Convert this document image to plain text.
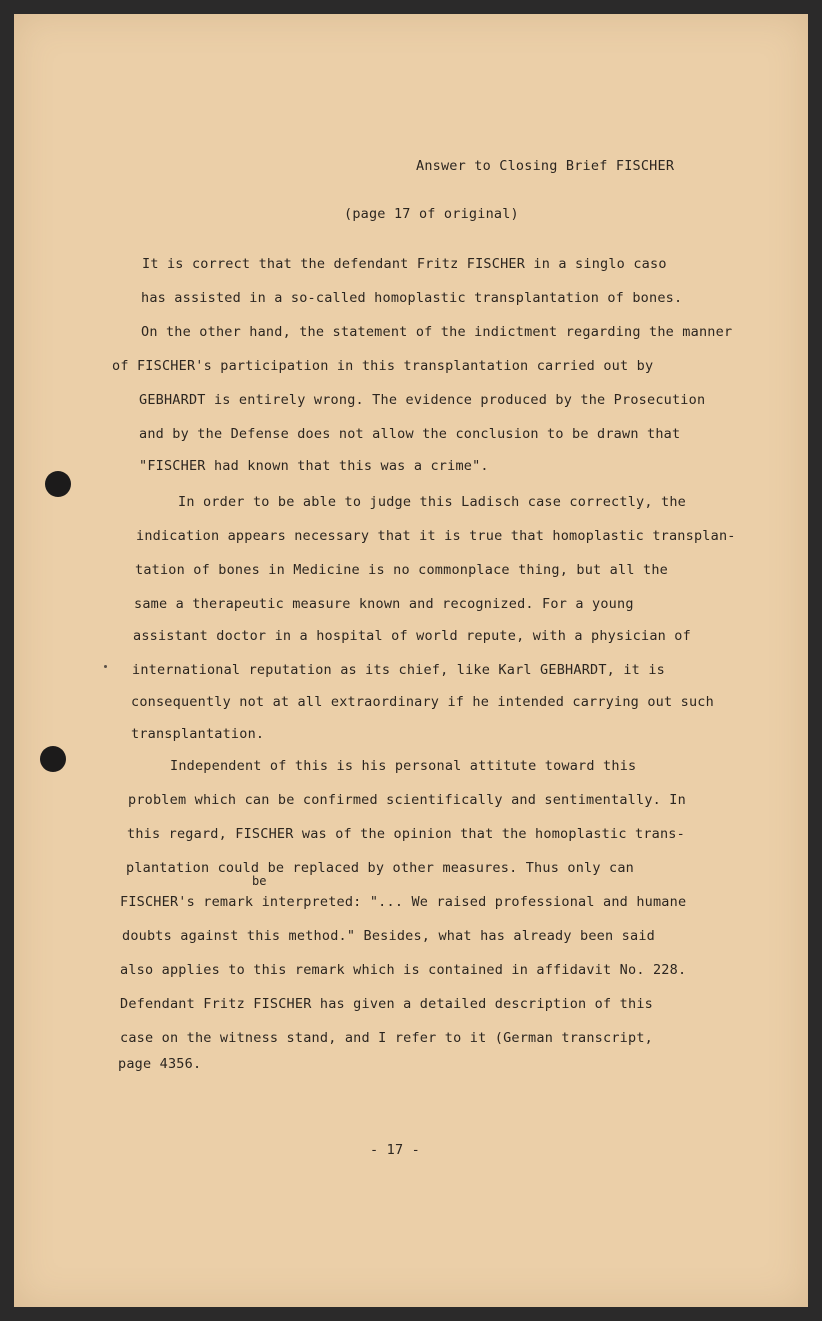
Answer to Closing Brief FISCHER

(page 17 of original)

It is correct that the defendant Fritz FISCHER in a singlo caso

has assisted in a so-called homoplastic transplantation of bones.

On the other hand, the statement of the indictment regarding the manner

of FISCHER's participation in this transplantation carried out by

GEBHARDT is entirely wrong. The evidence produced by the Prosecution

and by the Defense does not allow the conclusion to be drawn that

"FISCHER had known that this was a crime".

In order to be able to judge this Ladisch case correctly, the

indication appears necessary that it is true that homoplastic transplan-

tation of bones in Medicine is no commonplace thing, but all the

same a therapeutic measure known and recognized. For a young

assistant doctor in a hospital of world repute, with a physician of

international reputation as its chief, like Karl GEBHARDT, it is

consequently not at all extraordinary if he intended carrying out such

transplantation.

Independent of this is his personal attitute toward this

problem which can be confirmed scientifically and sentimentally. In

this regard, FISCHER was of the opinion that the homoplastic trans-

plantation could be replaced by other measures. Thus only can

be

FISCHER's remark interpreted: "... We raised professional and humane

doubts against this method." Besides, what has already been said

also applies to this remark which is contained in affidavit No. 228.

Defendant Fritz FISCHER has given a detailed description of this

case on the witness stand, and I refer to it (German transcript,

page 4356.

- 17 -
